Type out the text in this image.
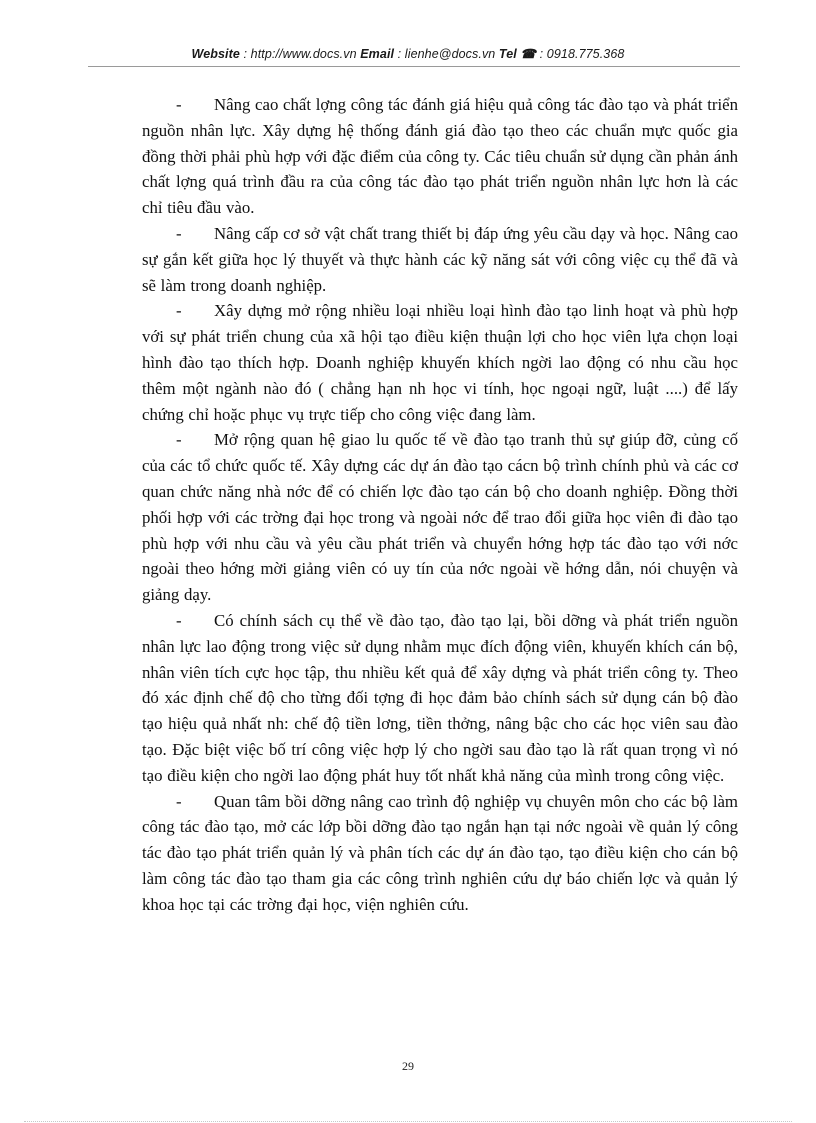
Website : http://www.docs.vn Email : lienhe@docs.vn Tel ☎ : 0918.775.368

- Nâng cao chất lợng công tác đánh giá hiệu quả công tác đào tạo và phát triển nguồn nhân lực. Xây dựng hệ thống đánh giá đào tạo theo các chuẩn mực quốc gia đồng thời phải phù hợp với đặc điểm của công ty. Các tiêu chuẩn sử dụng cần phản ánh chất lợng quá trình đầu ra của công tác đào tạo phát triển nguồn nhân lực hơn là các chỉ tiêu đầu vào.

- Nâng cấp cơ sở vật chất trang thiết bị đáp ứng yêu cầu dạy và học. Nâng cao sự gắn kết giữa học lý thuyết và thực hành các kỹ năng sát với công việc cụ thể đã và sẽ làm trong doanh nghiệp.

- Xây dựng mở rộng nhiều loại nhiều loại hình đào tạo linh hoạt và phù hợp với sự phát triển chung của xã hội tạo điều kiện thuận lợi cho học viên lựa chọn loại hình đào tạo thích hợp. Doanh nghiệp khuyến khích ngời lao động có nhu cầu học thêm một ngành nào đó ( chẳng hạn nh học vi tính, học ngoại ngữ, luật ....) để lấy chứng chỉ hoặc phục vụ trực tiếp cho công việc đang làm.

- Mở rộng quan hệ giao lu quốc tế về đào tạo tranh thủ sự giúp đỡ, củng cố của các tổ chức quốc tế. Xây dựng các dự án đào tạo cácn bộ trình chính phủ và các cơ quan chức năng nhà nớc để có chiến lợc đào tạo cán bộ cho doanh nghiệp. Đồng thời phối hợp với các trờng đại học trong và ngoài nớc để trao đổi giữa học viên đi đào tạo phù hợp với nhu cầu và yêu cầu phát triển và chuyển hớng hợp tác đào tạo với nớc ngoài theo hớng mời giảng viên có uy tín của nớc ngoài về hớng dẫn, nói chuyện và giảng dạy.

- Có chính sách cụ thể về đào tạo, đào tạo lại, bồi dỡng và phát triển nguồn nhân lực lao động trong việc sử dụng nhằm mục đích động viên, khuyến khích cán bộ, nhân viên tích cực học tập, thu nhiều kết quả để xây dựng và phát triển công ty. Theo đó xác định chế độ cho từng đối tợng đi học đảm bảo chính sách sử dụng cán bộ đào tạo hiệu quả nhất nh: chế độ tiền lơng, tiền thởng, nâng bậc cho các học viên sau đào tạo. Đặc biệt việc bố trí công việc hợp lý cho ngời sau đào tạo là rất quan trọng vì nó tạo điều kiện cho ngời lao động phát huy tốt nhất khả năng của mình trong công việc.

- Quan tâm bồi dỡng nâng cao trình độ nghiệp vụ chuyên môn cho các bộ làm công tác đào tạo, mở các lớp bồi dỡng đào tạo ngắn hạn tại nớc ngoài về quản lý công tác đào tạo phát triển quản lý và phân tích các dự án đào tạo, tạo điều kiện cho cán bộ làm công tác đào tạo tham gia các công trình nghiên cứu dự báo chiến lợc và quản lý khoa học tại các trờng đại học, viện nghiên cứu.

29
